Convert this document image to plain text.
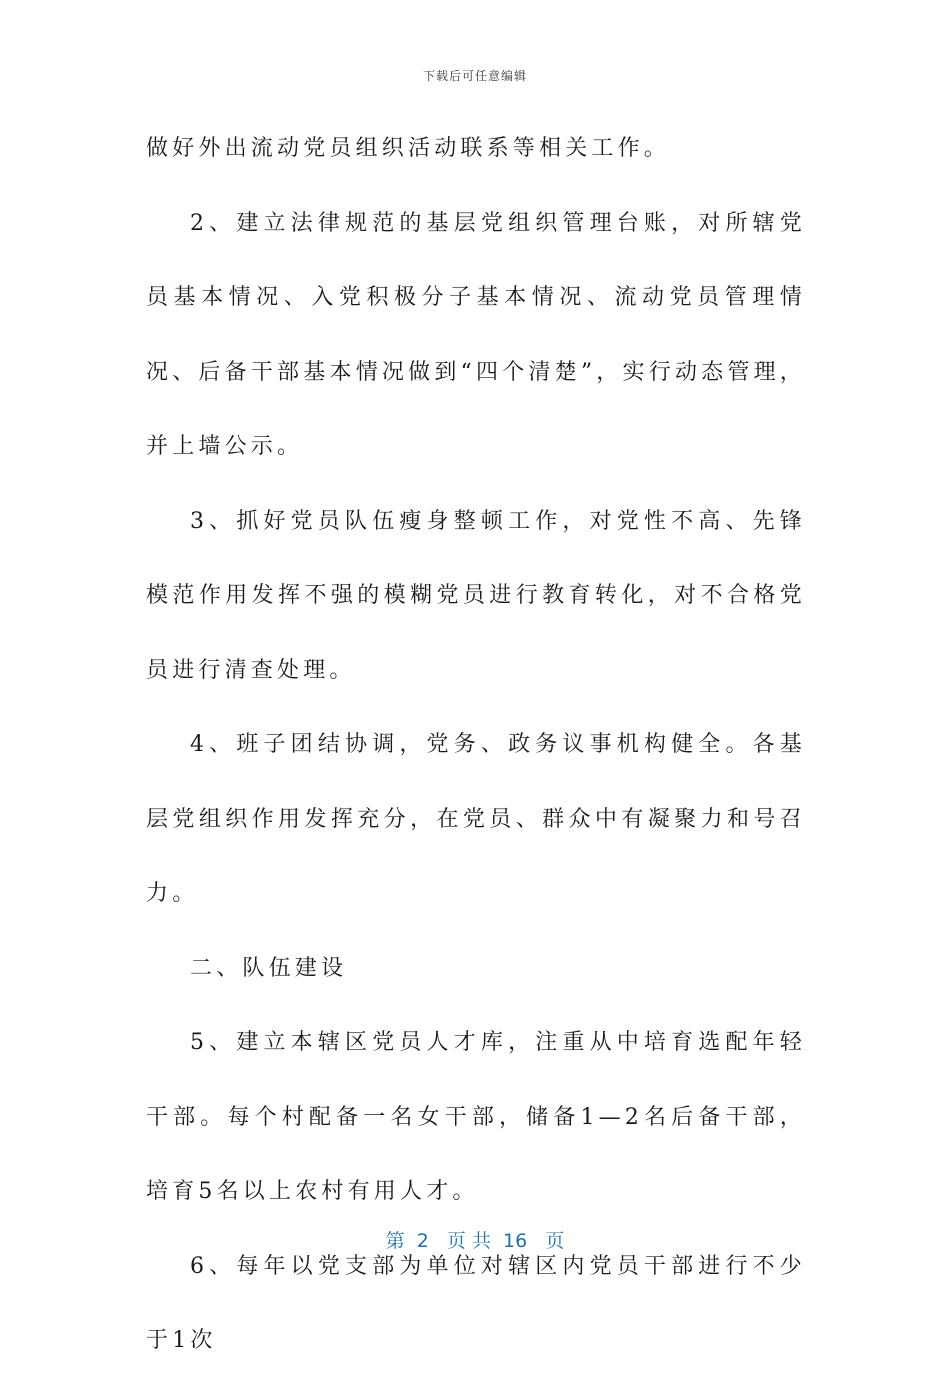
下载后可任意编辑

做好外出流动党员组织活动联系等相关工作。

2、建立法律规范的基层党组织管理台账，对所辖党员基本情况、入党积极分子基本情况、流动党员管理情况、后备干部基本情况做到“四个清楚”，实行动态管理，并上墙公示。

3、抓好党员队伍瘦身整顿工作，对党性不高、先锋模范作用发挥不强的模糊党员进行教育转化，对不合格党员进行清查处理。

4、班子团结协调，党务、政务议事机构健全。各基层党组织作用发挥充分，在党员、群众中有凝聚力和号召力。

二、队伍建设

5、建立本辖区党员人才库，注重从中培育选配年轻干部。每个村配备一名女干部，储备1—2名后备干部，培育5名以上农村有用人才。

6、每年以党支部为单位对辖区内党员干部进行不少于1次

第  2   页 共  16   页
